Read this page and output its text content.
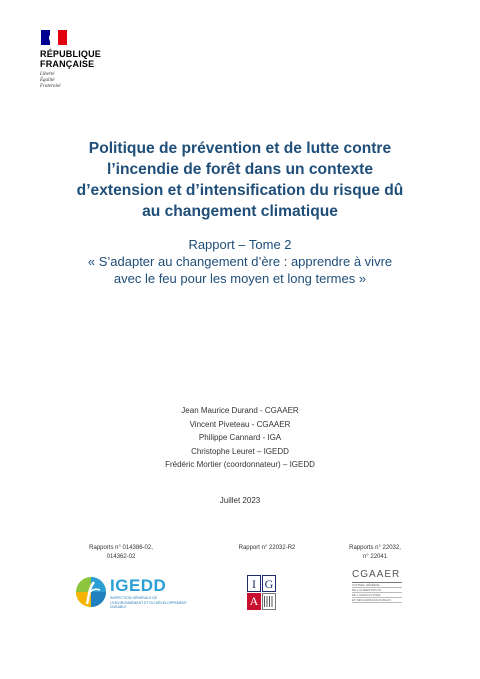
RÉPUBLIQUE
FRANÇAISE
Liberté
Égalité
Fraternité
Politique de prévention et de lutte contre
l’incendie de forêt dans un contexte
d’extension et d’intensification du risque dû
au changement climatique
Rapport – Tome 2
« S’adapter au changement d’ère : apprendre à vivre
avec le feu pour les moyen et long termes »
Jean Maurice Durand - CGAAER
Vincent Piveteau - CGAAER
Philippe Cannard - IGA
Christophe Leuret – IGEDD
Frédéric Mortier (coordonnateur) – IGEDD
Juillet 2023
Rapports n° 014386-02,
014362-02
Rapport n° 22032-R2	Rapports n° 22032,
n° 22041
IGEDD
INSPECTION GÉNÉRALE DE L’ENVIRONNEMENT ET DU DÉVELOPPEMENT DURABLE
I G
A
CGAAER
CONSEIL GÉNÉRAL
DE L’ALIMENTATION
DE L’AGRICULTURE
ET DES ESPACES RURAUX
